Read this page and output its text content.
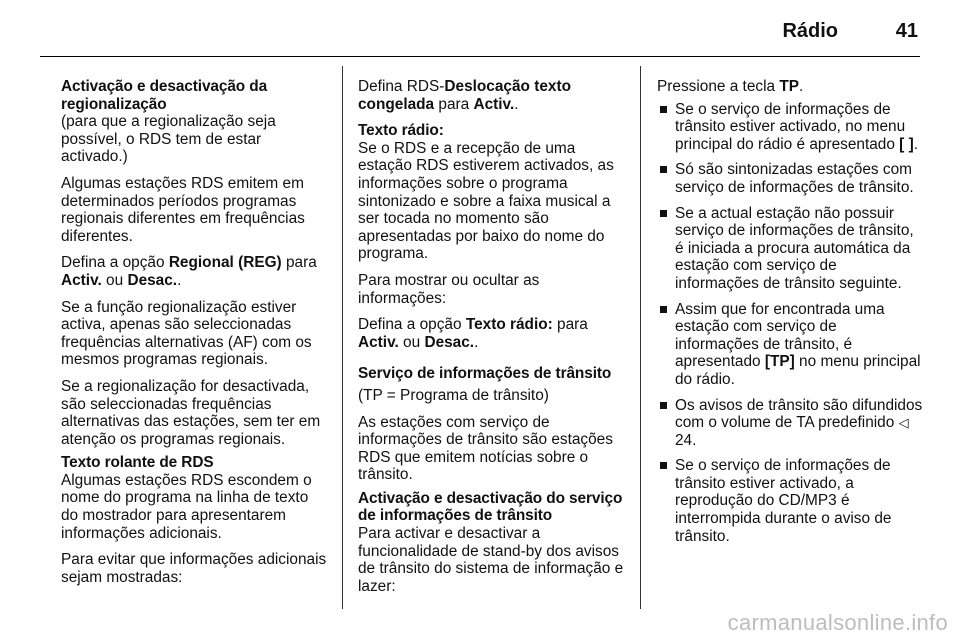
Rádio	41
Activação e desactivação da
regionalização

(para que a regionalização seja possível, o RDS tem de estar activado.)

Algumas estações RDS emitem em determinados períodos programas regionais diferentes em frequências diferentes.

Defina a opção Regional (REG) para Activ. ou Desac..

Se a função regionalização estiver activa, apenas são seleccionadas frequências alternativas (AF) com os mesmos programas regionais.

Se a regionalização for desactivada, são seleccionadas frequências alternativas das estações, sem ter em atenção os programas regionais.

Texto rolante de RDS

Algumas estações RDS escondem o nome do programa na linha de texto do mostrador para apresentarem informações adicionais.

Para evitar que informações adicionais sejam mostradas:

Defina RDS-Deslocação texto congelada para Activ..

Texto rádio:

Se o RDS e a recepção de uma estação RDS estiverem activados, as informações sobre o programa sintonizado e sobre a faixa musical a ser tocada no momento são apresentadas por baixo do nome do programa.

Para mostrar ou ocultar as informações:

Defina a opção Texto rádio: para Activ. ou Desac..

Serviço de informações de trânsito

(TP = Programa de trânsito)

As estações com serviço de informações de trânsito são estações RDS que emitem notícias sobre o trânsito.

Activação e desactivação do serviço de informações de trânsito

Para activar e desactivar a funcionalidade de stand-by dos avisos de trânsito do sistema de informação e lazer:

Pressione a tecla TP.

Se o serviço de informações de trânsito estiver activado, no menu principal do rádio é apresentado [ ].
Só são sintonizadas estações com serviço de informações de trânsito.
Se a actual estação não possuir serviço de informações de trânsito, é iniciada a procura automática da estação com serviço de informações de trânsito seguinte.
Assim que for encontrada uma estação com serviço de informações de trânsito, é apresentado [TP] no menu principal do rádio.
Os avisos de trânsito são difundidos com o volume de TA predefinido ◁ 24.
Se o serviço de informações de trânsito estiver activado, a reprodução do CD/MP3 é interrompida durante o aviso de trânsito.
carmanualsonline.info
